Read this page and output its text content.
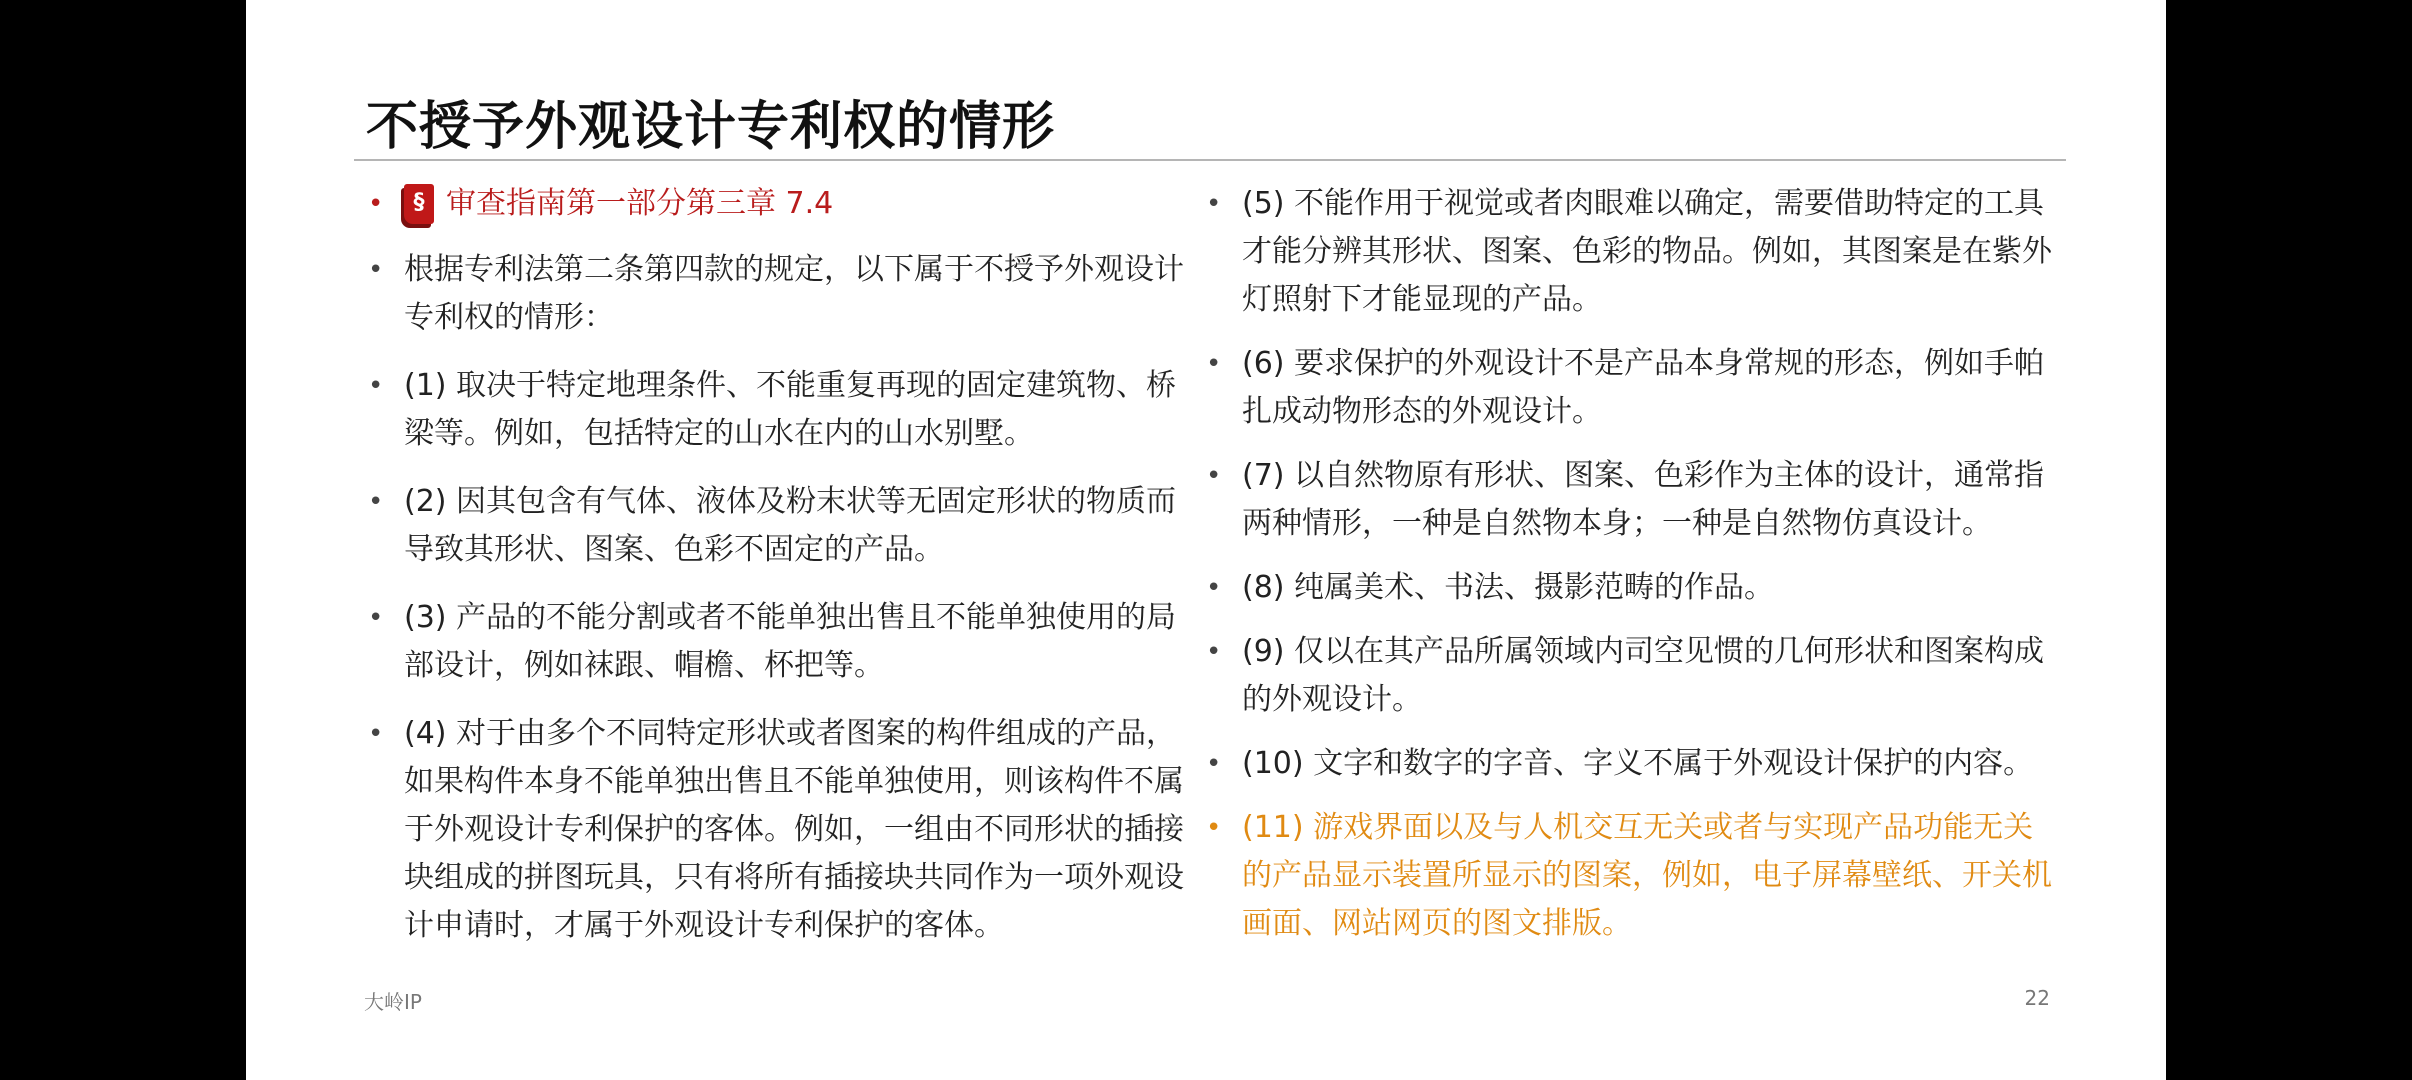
不授予外观设计专利权的情形
•	§ 审查指南第一部分第三章 7.4
• 根据专利法第二条第四款的规定，以下属于不授予外观设计专利权的情形：
• (1) 取决于特定地理条件、不能重复再现的固定建筑物、桥梁等。例如，包括特定的山水在内的山水别墅。
• (2) 因其包含有气体、液体及粉末状等无固定形状的物质而导致其形状、图案、色彩不固定的产品。
• (3) 产品的不能分割或者不能单独出售且不能单独使用的局部设计，例如袜跟、帽檐、杯把等。
• (4) 对于由多个不同特定形状或者图案的构件组成的产品，如果构件本身不能单独出售且不能单独使用，则该构件不属于外观设计专利保护的客体。例如，一组由不同形状的插接块组成的拼图玩具，只有将所有插接块共同作为一项外观设计申请时，才属于外观设计专利保护的客体。
• (5) 不能作用于视觉或者肉眼难以确定，需要借助特定的工具才能分辨其形状、图案、色彩的物品。例如，其图案是在紫外灯照射下才能显现的产品。
• (6) 要求保护的外观设计不是产品本身常规的形态，例如手帕扎成动物形态的外观设计。
• (7) 以自然物原有形状、图案、色彩作为主体的设计，通常指两种情形，一种是自然物本身；一种是自然物仿真设计。
• (8) 纯属美术、书法、摄影范畴的作品。
• (9) 仅以在其产品所属领域内司空见惯的几何形状和图案构成的外观设计。
• (10) 文字和数字的字音、字义不属于外观设计保护的内容。
• (11) 游戏界面以及与人机交互无关或者与实现产品功能无关的产品显示装置所显示的图案，例如，电子屏幕壁纸、开关机画面、网站网页的图文排版。
大岭IP	22
